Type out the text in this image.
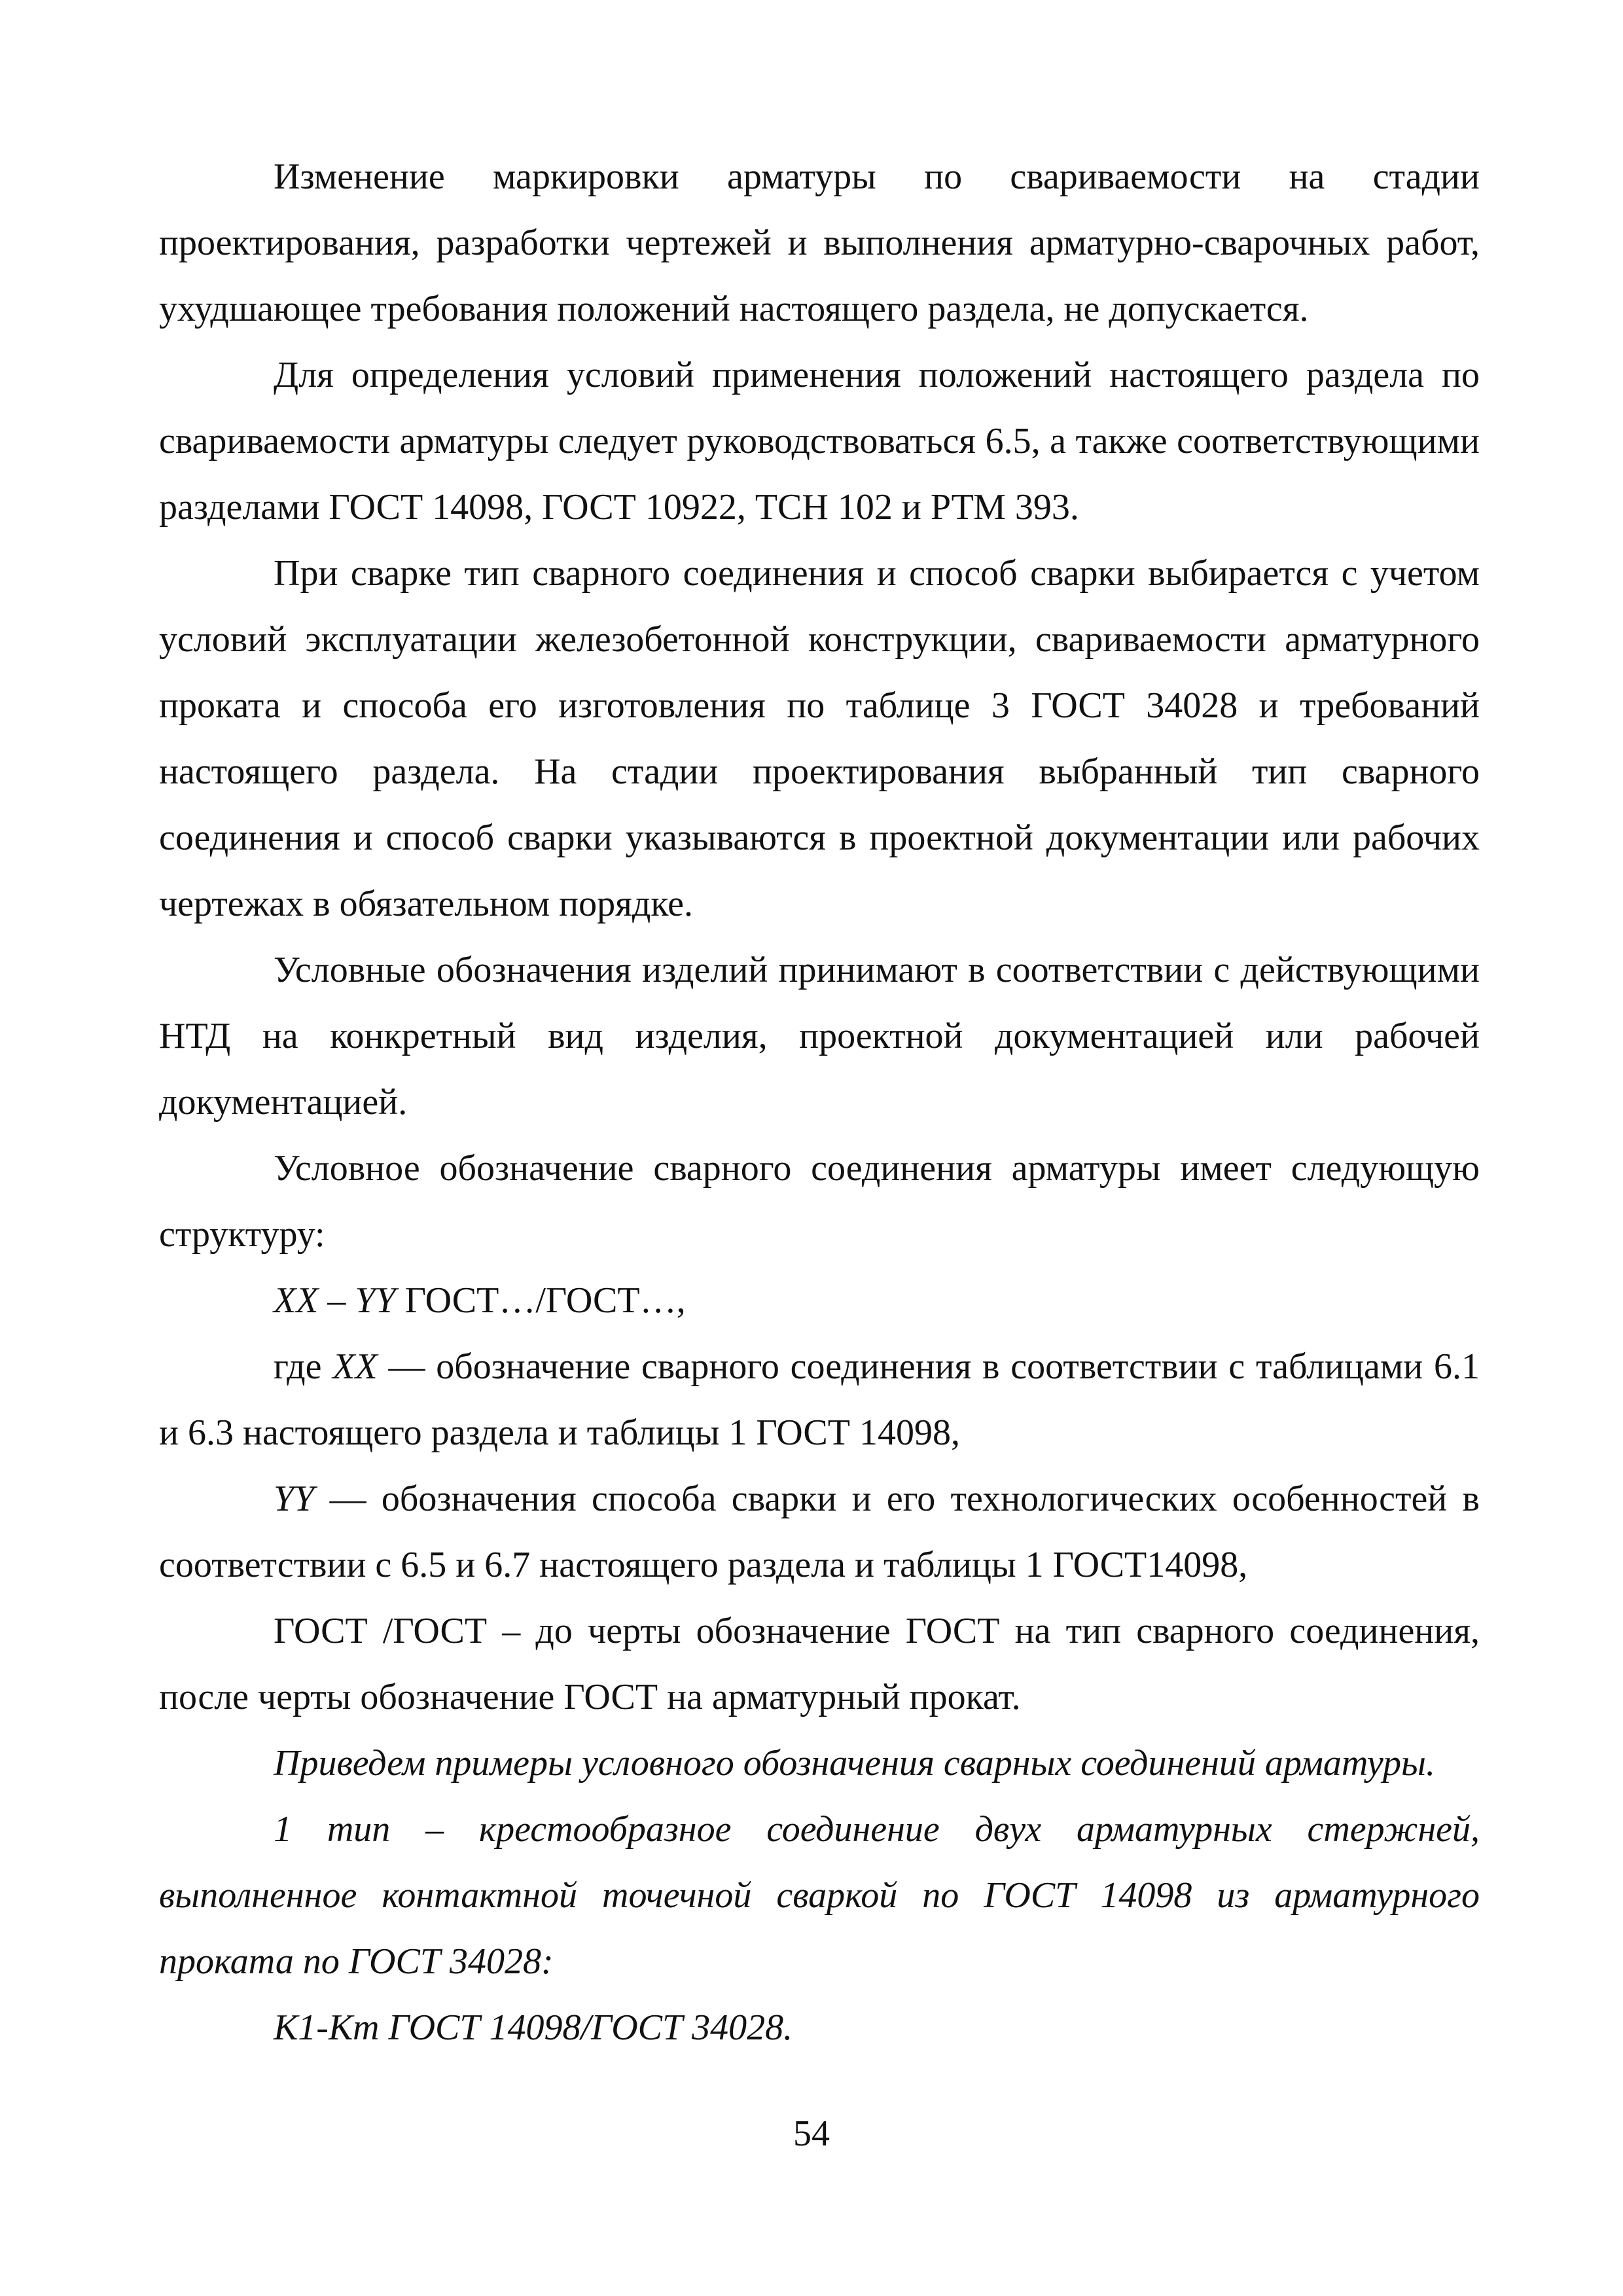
Изменение маркировки арматуры по свариваемости на стадии проектирования, разработки чертежей и выполнения арматурно-сварочных работ, ухудшающее требования положений настоящего раздела, не допускается.

Для определения условий применения положений настоящего раздела по свариваемости арматуры следует руководствоваться 6.5, а также соответствующими разделами ГОСТ 14098, ГОСТ 10922, ТСН 102 и РТМ 393.

При сварке тип сварного соединения и способ сварки выбирается с учетом условий эксплуатации железобетонной конструкции, свариваемости арматурного проката и способа его изготовления по таблице 3 ГОСТ 34028 и требований настоящего раздела. На стадии проектирования выбранный тип сварного соединения и способ сварки указываются в проектной документации или рабочих чертежах в обязательном порядке.

Условные обозначения изделий принимают в соответствии с действующими НТД на конкретный вид изделия, проектной документацией или рабочей документацией.

Условное обозначение сварного соединения арматуры имеет следующую структуру:

XX – YY ГОСТ…/ГОСТ…,

где XX — обозначение сварного соединения в соответствии с таблицами 6.1 и 6.3 настоящего раздела и таблицы 1 ГОСТ 14098,

YY — обозначения способа сварки и его технологических особенностей в соответствии с 6.5 и 6.7 настоящего раздела и таблицы 1 ГОСТ14098,

ГОСТ /ГОСТ – до черты обозначение ГОСТ на тип сварного соединения, после черты обозначение ГОСТ на арматурный прокат.

Приведем примеры условного обозначения сварных соединений арматуры.

1 тип – крестообразное соединение двух арматурных стержней, выполненное контактной точечной сваркой по ГОСТ 14098 из арматурного проката по ГОСТ 34028:

К1-Кт ГОСТ 14098/ГОСТ 34028.

54
